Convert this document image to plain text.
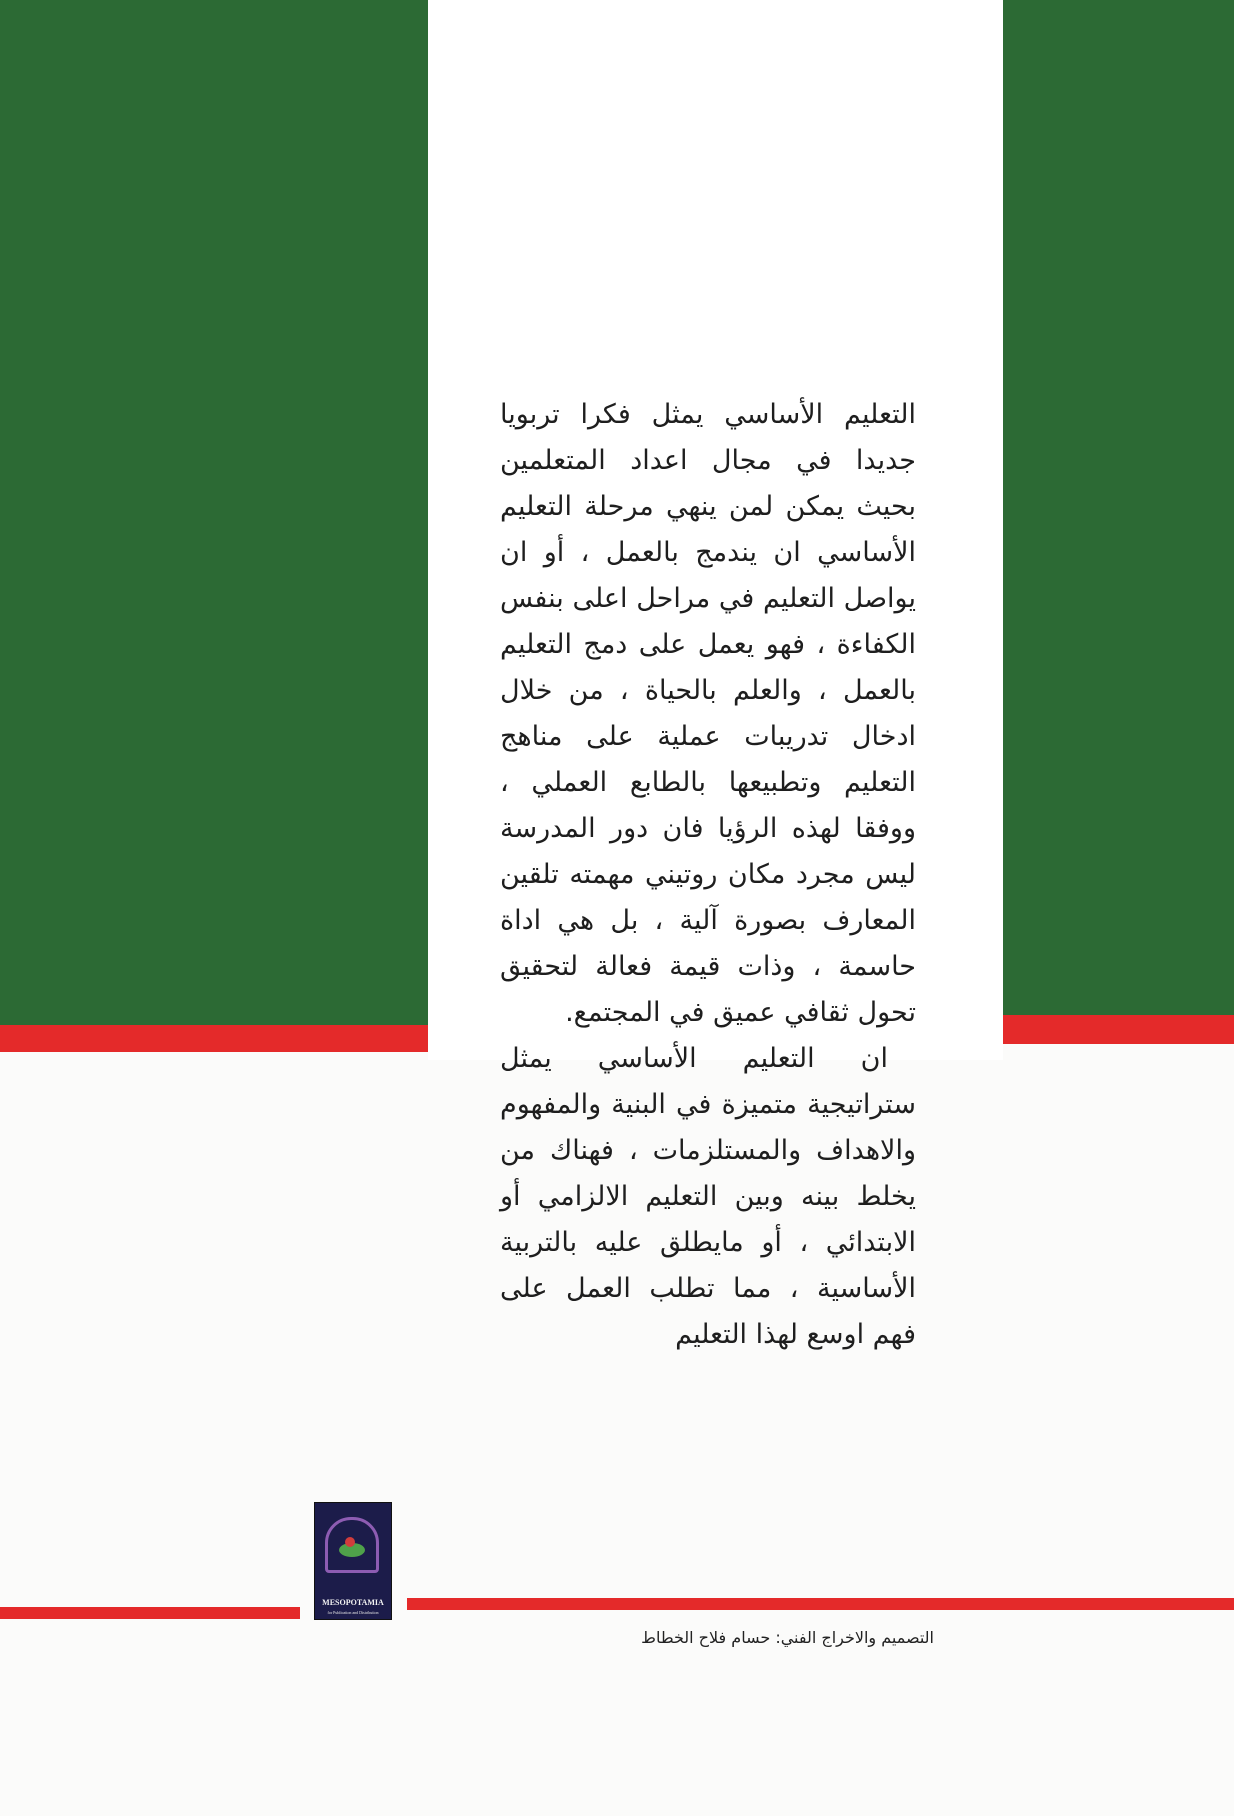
التعليم الأساسي يمثل فكرا تربويا جديدا في مجال اعداد المتعلمين بحيث يمكن لمن ينهي مرحلة التعليم الأساسي ان يندمج بالعمل ، أو ان يواصل التعليم في مراحل اعلى بنفس الكفاءة ، فهو يعمل على دمج التعليم بالعمل ، والعلم بالحياة ، من خلال ادخال تدريبات عملية على مناهج التعليم وتطبيعها بالطابع العملي ، ووفقا لهذه الرؤيا فان دور المدرسة ليس مجرد مكان روتيني مهمته تلقين المعارف بصورة آلية ، بل هي اداة حاسمة ، وذات قيمة فعالة لتحقيق تحول ثقافي عميق في المجتمع.

ان التعليم الأساسي يمثل ستراتيجية متميزة في البنية والمفهوم والاهداف والمستلزمات ، فهناك من يخلط بينه وبين التعليم الالزامي أو الابتدائي ، أو مايطلق عليه بالتربية الأساسية ، مما تطلب العمل على فهم اوسع لهذا التعليم

MESOPOTAMIA
for Publication and Distribution
التصميم والاخراج الفني: حسام فلاح الخطاط
